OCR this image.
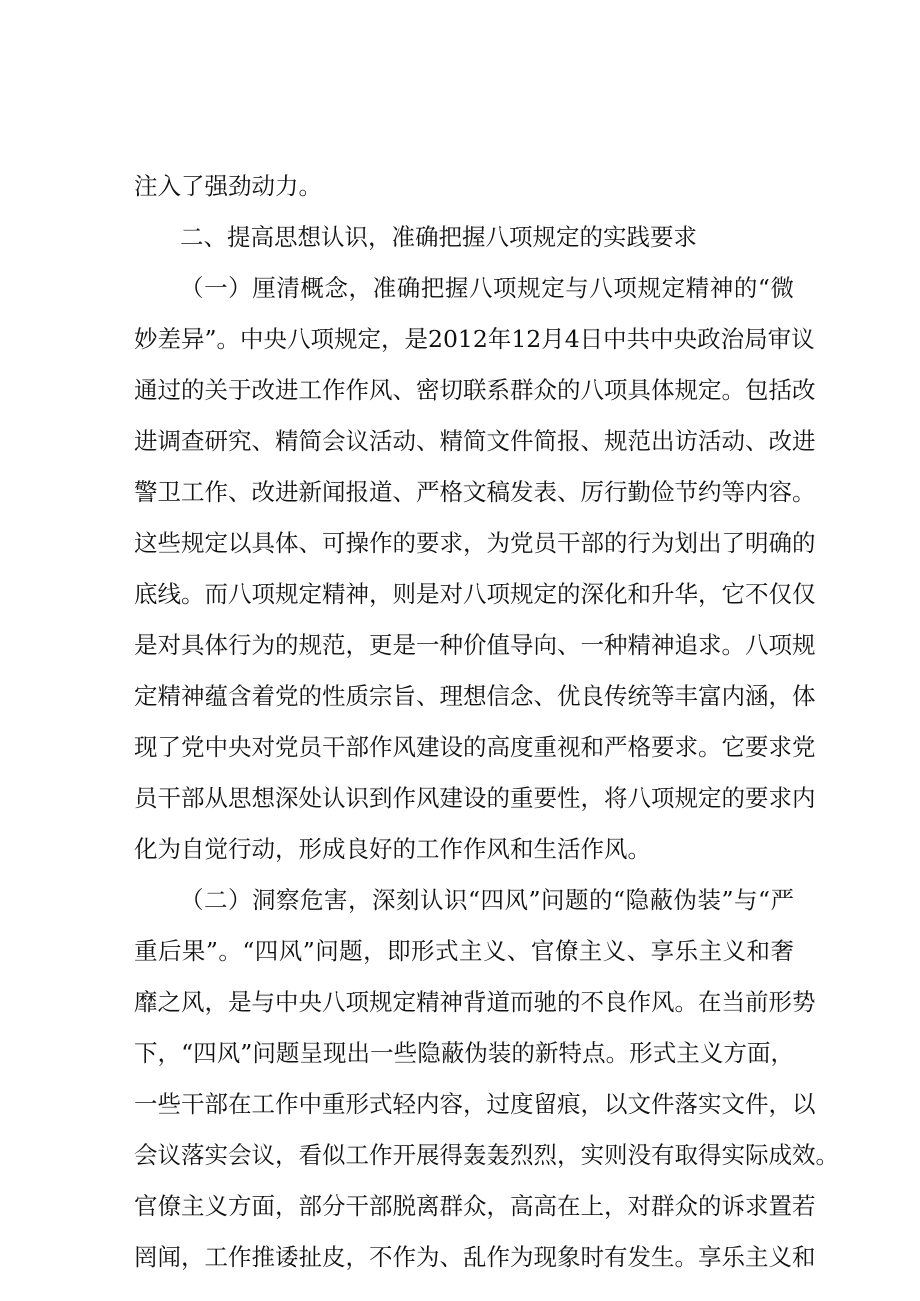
注入了强劲动力。
二、提高思想认识，准确把握八项规定的实践要求
（一）厘清概念，准确把握八项规定与八项规定精神的“微
妙差异”。中央八项规定，是2012年12月4日中共中央政治局审议
通过的关于改进工作作风、密切联系群众的八项具体规定。包括改
进调查研究、精简会议活动、精简文件简报、规范出访活动、改进
警卫工作、改进新闻报道、严格文稿发表、厉行勤俭节约等内容。
这些规定以具体、可操作的要求，为党员干部的行为划出了明确的
底线。而八项规定精神，则是对八项规定的深化和升华，它不仅仅
是对具体行为的规范，更是一种价值导向、一种精神追求。八项规
定精神蕴含着党的性质宗旨、理想信念、优良传统等丰富内涵，体
现了党中央对党员干部作风建设的高度重视和严格要求。它要求党
员干部从思想深处认识到作风建设的重要性，将八项规定的要求内
化为自觉行动，形成良好的工作作风和生活作风。
（二）洞察危害，深刻认识“四风”问题的“隐蔽伪装”与“严
重后果”。“四风”问题，即形式主义、官僚主义、享乐主义和奢
靡之风，是与中央八项规定精神背道而驰的不良作风。在当前形势
下，“四风”问题呈现出一些隐蔽伪装的新特点。形式主义方面，
一些干部在工作中重形式轻内容，过度留痕，以文件落实文件，以
会议落实会议，看似工作开展得轰轰烈烈，实则没有取得实际成效。
官僚主义方面，部分干部脱离群众，高高在上，对群众的诉求置若
罔闻，工作推诿扯皮，不作为、乱作为现象时有发生。享乐主义和
